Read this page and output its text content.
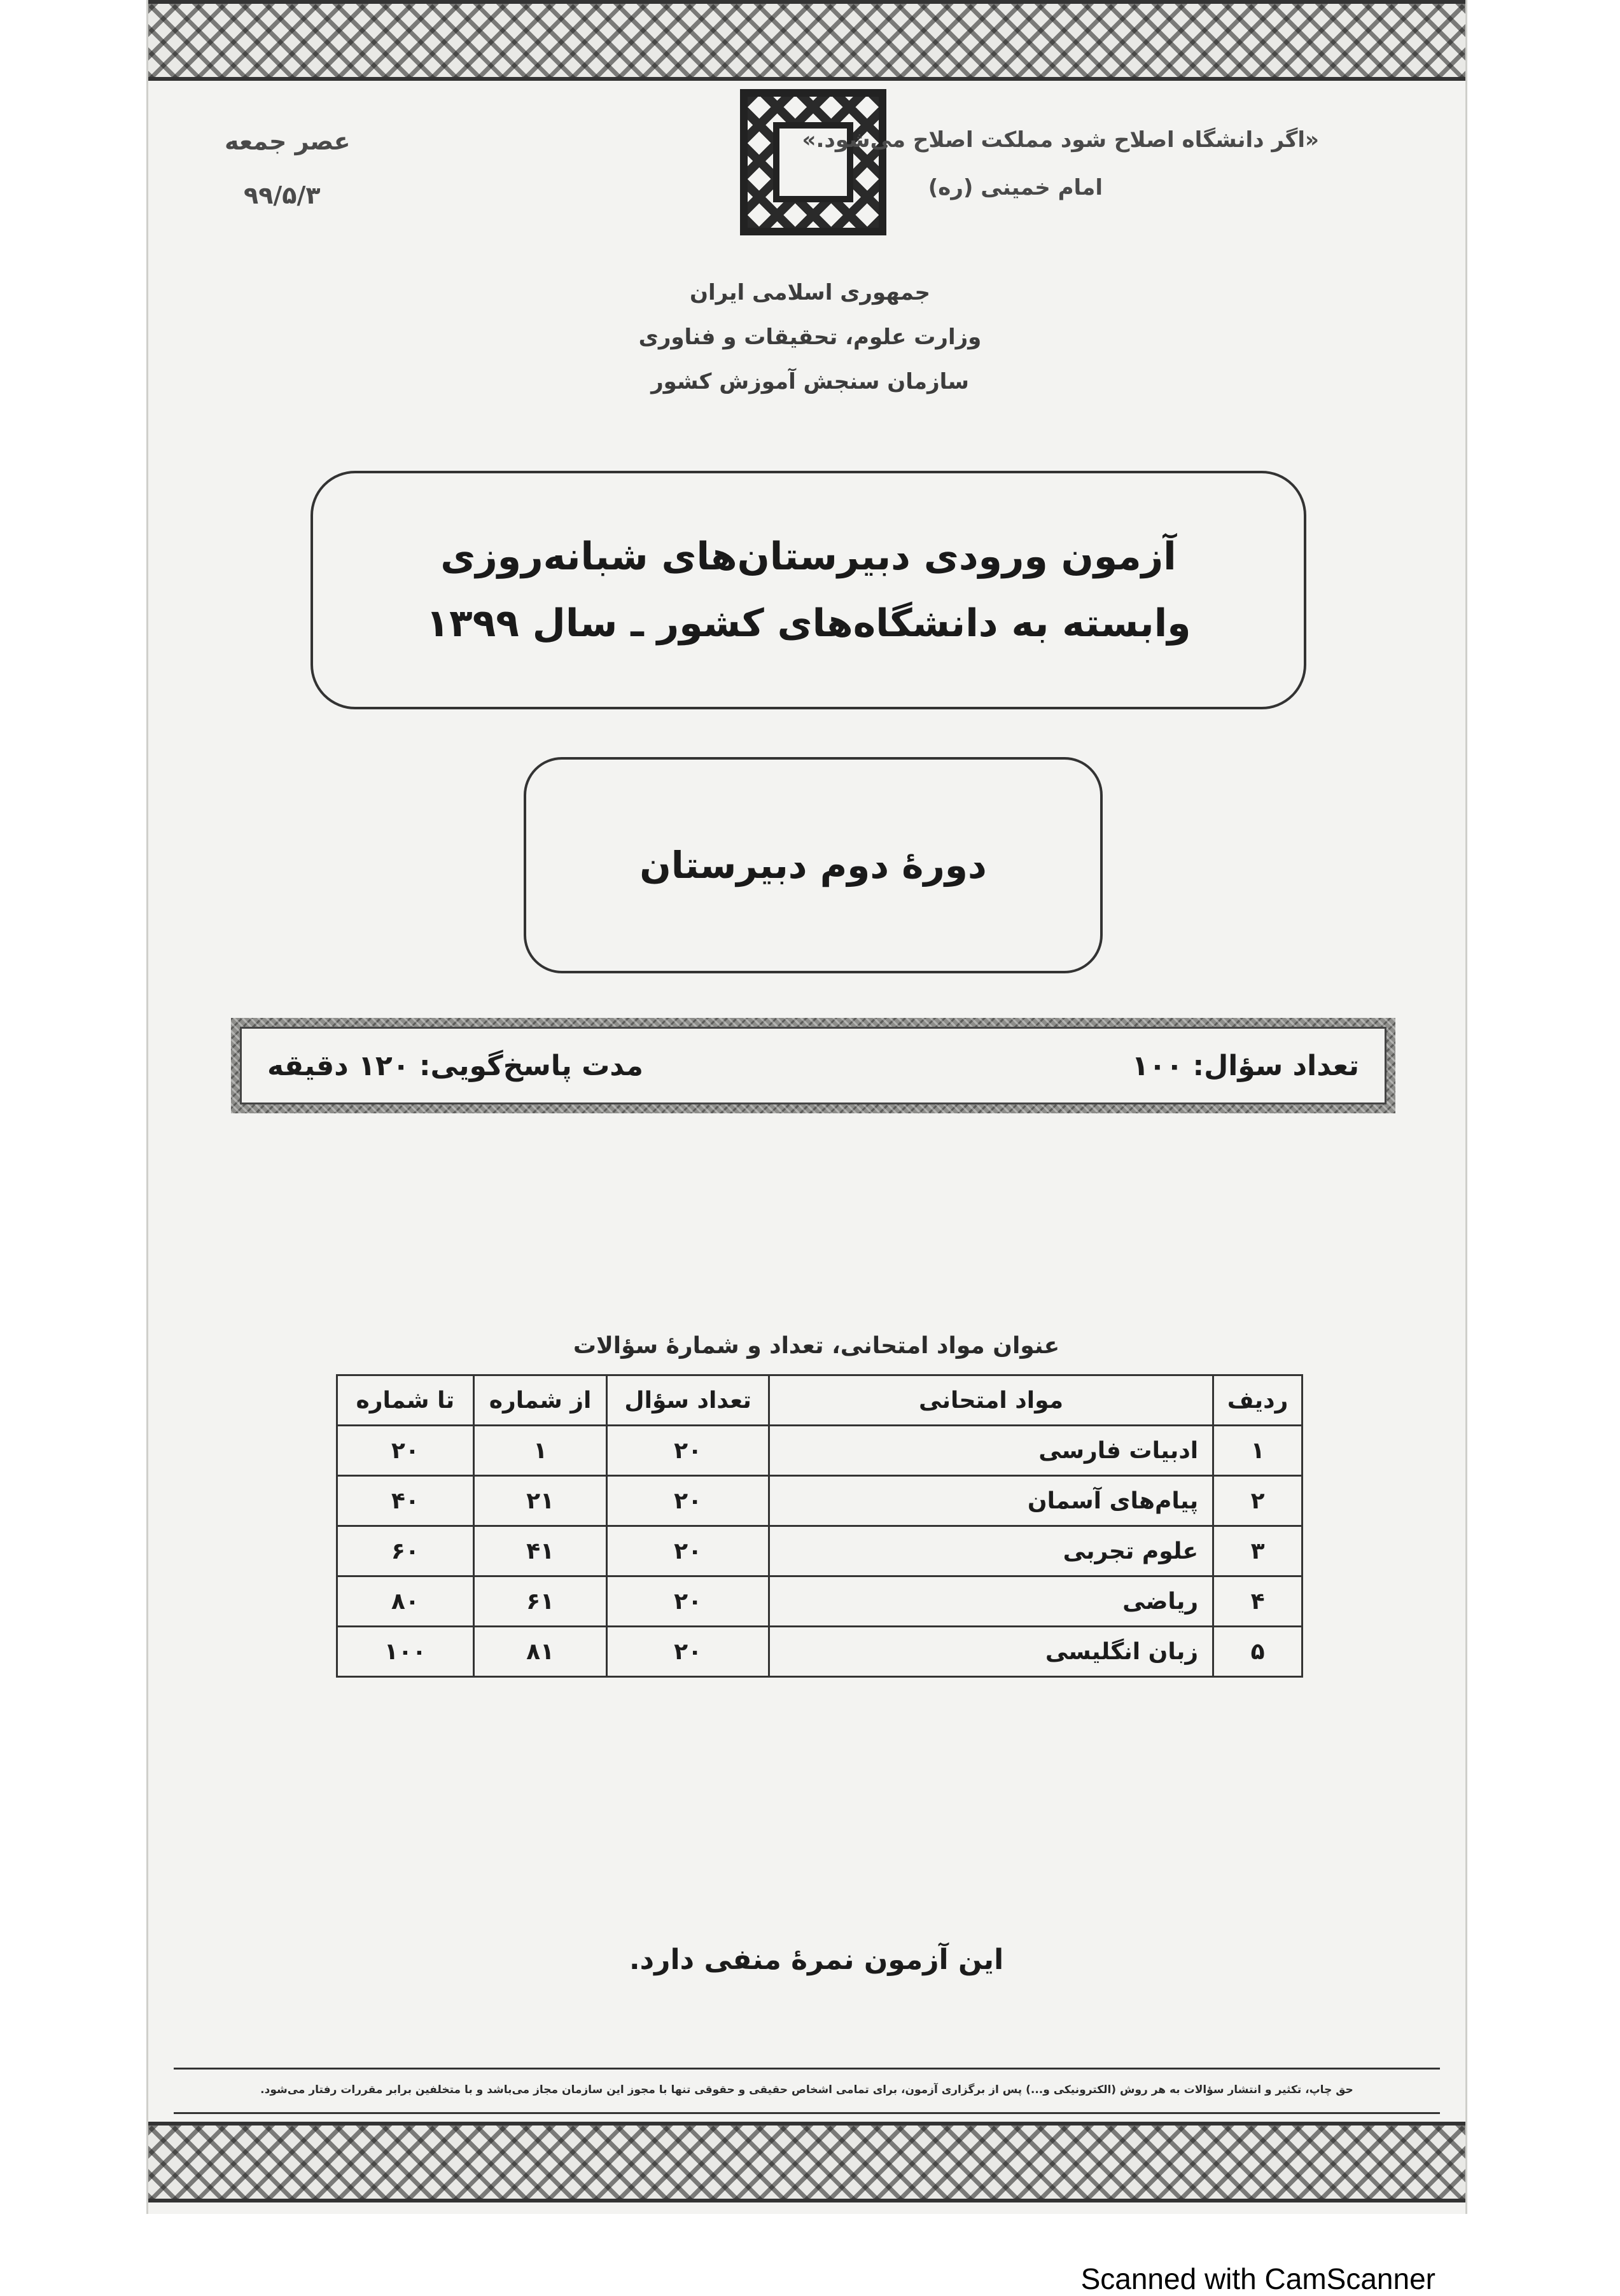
«اگر دانشگاه اصلاح شود مملکت اصلاح می‌شود.»
امام خمینی (ره)
عصر جمعه
۹۹/۵/۳
جمهوری اسلامی ایران
وزارت علوم، تحقیقات و فناوری
سازمان سنجش آموزش کشور
آزمون ورودی دبیرستان‌های شبانه‌روزی
وابسته به دانشگاه‌های کشور ـ سال ۱۳۹۹
دورهٔ دوم دبیرستان
مدت پاسخ‌گویی: ۱۲۰ دقیقه	تعداد سؤال: ۱۰۰
عنوان مواد امتحانی، تعداد و شمارهٔ سؤالات
ردیف	مواد امتحانی	تعداد سؤال	از شماره	تا شماره
۱	ادبیات فارسی	۲۰	۱	۲۰
۲	پیام‌های آسمان	۲۰	۲۱	۴۰
۳	علوم تجربی	۲۰	۴۱	۶۰
۴	ریاضی	۲۰	۶۱	۸۰
۵	زبان انگلیسی	۲۰	۸۱	۱۰۰
این آزمون نمرهٔ منفی دارد.
حق چاپ، تکثیر و انتشار سؤالات به هر روش (الکترونیکی و...) پس از برگزاری آزمون، برای تمامی اشخاص حقیقی و حقوقی تنها با مجوز این سازمان مجاز می‌باشد و با متخلفین برابر مقررات رفتار می‌شود.
Scanned with CamScanner
